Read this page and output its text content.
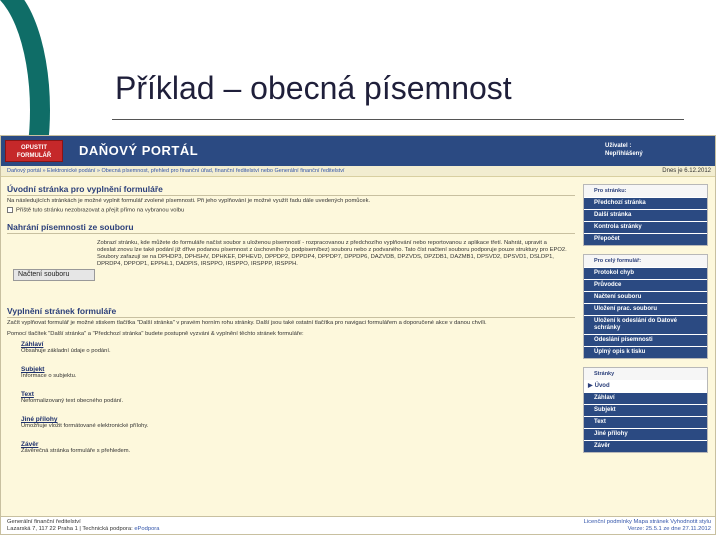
Příklad – obecná písemnost
OPUSTIT FORMULÁŘ	DAŇOVÝ PORTÁL	Uživatel :
Nepřihlášený
Daňový portál » Elektronické podání » Obecná písemnost, přehled pro finanční úřad, finanční ředitelství nebo Generální finanční ředitelství	Dnes je 6.12.2012
Úvodní stránka pro vyplnění formuláře
Na následujících stránkách je možné vyplnit formulář zvolené písemnosti. Při jeho vyplňování je možné využít řadu dále uvedených pomůcek.
Příště tuto stránku nezobrazovat a přejít přímo na vybranou volbu
Nahrání písemnosti ze souboru
Načtení souboru
Zobrazí stránku, kde můžete do formuláře načíst soubor s uloženou písemností - rozpracovanou z předchozího vyplňování nebo reportovanou z aplikace třetí. Nahrát, upravit a odeslat znovu lze také podání již dříve podanou písemnost z úschovního (s podpisem/bez) souboru nebo z podvaného. Tato číst načtení souboru podporuje pouze struktury pro EPO2. Soubory zařazují se na DPHDP3, DPHSHV, DPHKEF, DPHEVD, DPPDP2, DPPDP4, DPPDP7, DPPDP6, DAZVDB, DPZVDS, DPZDB1, DAZMB1, DPSVD2, DPSVD1, DSLDP1, DPRDP4, DPPOP1, EPPHL1, DADPIS, IRSPPO, IRSPPO, IRSPPP, IRSPPH.
Vyplnění stránek formuláře
Začít vyplňovat formulář je možné stiskem tlačítka "Další stránka" v pravém horním rohu stránky. Další jsou také ostatní tlačítka pro navigaci formulářem a doporučené akce v danou chvíli.
Pomocí tlačítek "Další stránka" a "Předchozí stránka" budete postupně vyzváni & vyplnění těchto stránek formuláře:
Záhlaví
Obsahuje základní údaje o podání.
Subjekt
Informace o subjektu.
Text
Neformalizovaný text obecného podání.
Jiné přílohy
Umožňuje vložit formátované elektronické přílohy.
Závěr
Závěrečná stránka formuláře s přehledem.
Pro stránku:
Předchozí stránka
Další stránka
Kontrola stránky
Přepočet
Pro celý formulář:
Protokol chyb
Průvodce
Načtení souboru
Uložení prac. souboru
Uložení k odeslání do Datové schránky
Odeslání písemnosti
Úplný opis k tisku
Stránky
▶ Úvod
Záhlaví
Subjekt
Text
Jiné přílohy
Závěr
Generální finanční ředitelství
Lazarská 7, 117 22 Praha 1 | Technická podpora: ePodpora
Licenční podmínky Mapa stránek Vyhodnotit stylu
Verze: 25.5.1 ze dne 27.11.2012
